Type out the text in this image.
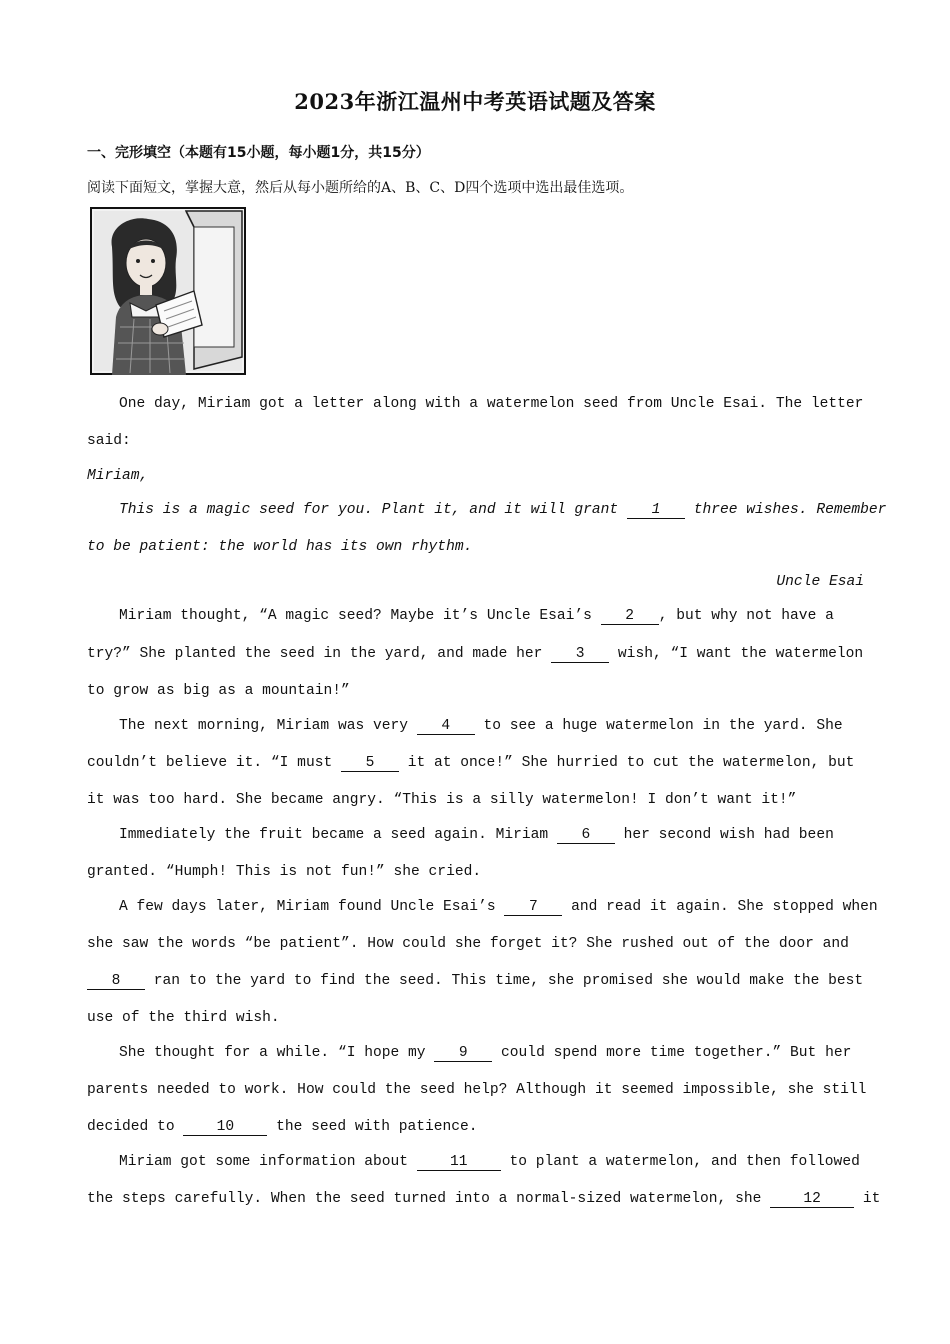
2023年浙江温州中考英语试题及答案
一、完形填空（本题有15小题，每小题1分，共15分）
阅读下面短文，掌握大意，然后从每小题所给的A、B、C、D四个选项中选出最佳选项。
One day, Miriam got a letter along with a watermelon seed from Uncle Esai. The letter
said:
Miriam,
This is a magic seed for you. Plant it, and it will grant 1 three wishes. Remember
to be patient: the world has its own rhythm.
Uncle Esai
Miriam thought, “A magic seed? Maybe it’s Uncle Esai’s 2 , but why not have a
try?” She planted the seed in the yard, and made her 3 wish, “I want the watermelon
to grow as big as a mountain!”
The next morning, Miriam was very 4 to see a huge watermelon in the yard. She
couldn’t believe it. “I must 5 it at once!” She hurried to cut the watermelon, but
it was too hard. She became angry. “This is a silly watermelon! I don’t want it!”
Immediately the fruit became a seed again. Miriam 6 her second wish had been
granted. “Humph! This is not fun!” she cried.
A few days later, Miriam found Uncle Esai’s 7 and read it again. She stopped when
she saw the words “be patient”. How could she forget it? She rushed out of the door and
8 ran to the yard to find the seed. This time, she promised she would make the best
use of the third wish.
She thought for a while. “I hope my 9 could spend more time together.” But her
parents needed to work. How could the seed help? Although it seemed impossible, she still
decided to 10 the seed with patience.
Miriam got some information about 11 to plant a watermelon, and then followed
the steps carefully. When the seed turned into a normal-sized watermelon, she 12 it
